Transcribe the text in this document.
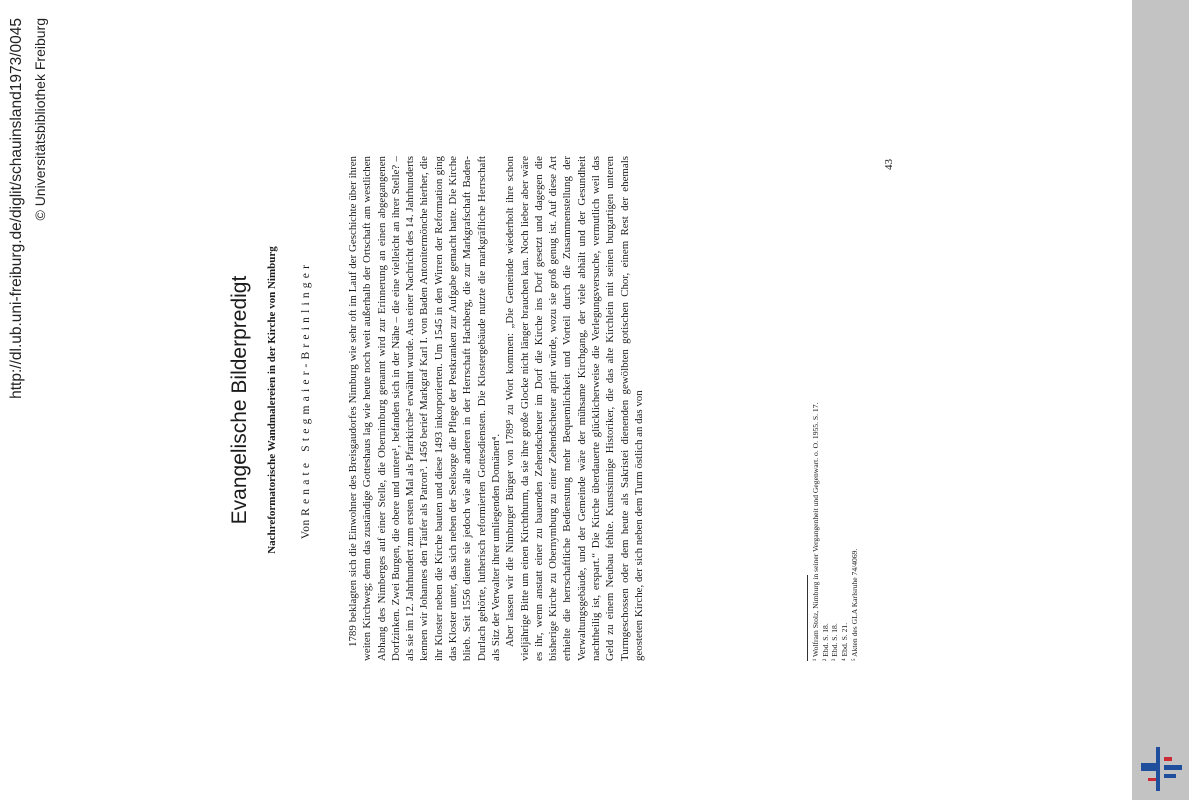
Evangelische Bilderpredigt Nachreformatorische Wandmalereien in der Kirche von Nimburg Von Renate Stegmaier-Breinlinger	1789 beklagten sich die Einwohner des Breisgaudorfes Nimburg wie sehr oft im Lauf der Geschichte über ihren weiten Kirchweg; denn das zuständige Gotteshaus lag wie heute noch weit außerhalb der Ortschaft am westlichen Abhang des Nimberges auf einer Stelle, die Obernimburg genannt wird zur Erinnerung an einen abgegangenen Dorfzinken. Zwei Burgen, die obere und untere¹, befanden sich in der Nähe – die eine vielleicht an ihrer Stelle? – als sie im 12. Jahrhundert zum ersten Mal als Pfarrkirche² erwähnt wurde. Aus einer Nachricht des 14. Jahrhunderts kennen wir Johannes den Täufer als Patron³. 1456 berief Markgraf Karl I. von Baden Antonitermönche hierher, die ihr Kloster neben die Kirche bauten und diese 1493 inkorporierten. Um 1545 in den Wirren der Reformation ging das Kloster unter, das sich neben der Seelsorge die Pflege der Pestkranken zur Aufgabe gemacht hatte. Die Kirche blieb. Seit 1556 diente sie jedoch wie alle anderen in der Herrschaft Hachberg, die zur Markgrafschaft Baden-Durlach gehörte, lutherisch reformierten Gottesdiensten. Die Klostergebäude nutzte die markgräfliche Herrschaft als Sitz der Verwalter ihrer umliegenden Domänen⁴. Aber lassen wir die Nimburger Bürger von 1789⁵ zu Wort kommen: „Die Gemeinde wiederholt ihre schon vieljährige Bitte um einen Kirchthurm, da sie ihre große Glocke nicht länger brauchen kan. Noch lieber aber wäre es ihr, wenn anstatt einer zu bauenden Zehendscheuer im Dorf die Kirche ins Dorf gesetzt und dagegen die bisherige Kirche zu Obernymburg zu einer Zehendscheuer aptirt würde, wozu sie groß genug ist. Auf diese Art erhielte die herrschaftliche Bedienstung mehr Bequemlichkeit und Vorteil durch die Zusammenstellung der Verwaltungsgebäude, und der Gemeinde wäre der mühsame Kirchgang, der viele abhält und der Gesundheit nachtheilig ist, erspart.“ Die Kirche überdauerte glücklicherweise die Verlegungsversuche, vermutlich weil das Geld zu einem Neubau fehlte. Kunstsinnige Historiker, die das alte Kirchlein mit seinen burgartigen unteren Turmgeschossen oder dem heute als Sakristei dienenden gewölbten gotischen Chor, einem Rest der ehemals geosteten Kirche, der sich neben dem Turm östlich an das von	¹ Wolfram Stolz, Nimburg in seiner Vergangenheit und Gegenwart. o. O. 1955. S. 17. ² Ebd. S. 18. ³ Ebd. S. 18. ⁴ Ebd. S. 21. ⁵ Akten des GLA Karlsruhe 74/4069.

43

http://dl.ub.uni-freiburg.de/diglit/schauinsland1973/0045 © Universitätsbibliothek Freiburg
